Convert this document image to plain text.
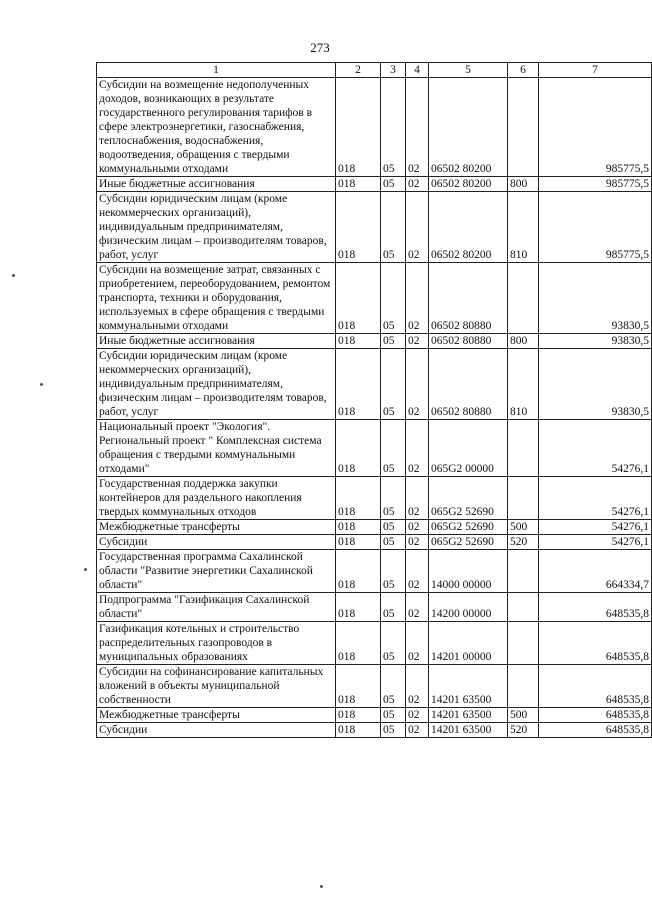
273
1	2	3	4	5	6	7
Субсидии на возмещение недополученных доходов, возникающих в результате государственного регулирования тарифов в сфере электроэнергетики, газоснабжения, теплоснабжения, водоснабжения, водоотведения, обращения с твердыми коммунальными отходами	018	05	02	06502 80200		985775,5
Иные бюджетные ассигнования	018	05	02	06502 80200	800	985775,5
Субсидии юридическим лицам (кроме некоммерческих организаций), индивидуальным предпринимателям, физическим лицам – производителям товаров, работ, услуг	018	05	02	06502 80200	810	985775,5
Субсидии на возмещение затрат, связанных с приобретением, переоборудованием, ремонтом транспорта, техники и оборудования, используемых в сфере обращения с твердыми коммунальными отходами	018	05	02	06502 80880		93830,5
Иные бюджетные ассигнования	018	05	02	06502 80880	800	93830,5
Субсидии юридическим лицам (кроме некоммерческих организаций), индивидуальным предпринимателям, физическим лицам – производителям товаров, работ, услуг	018	05	02	06502 80880	810	93830,5
Национальный проект "Экология". Региональный проект " Комплексная система обращения с твердыми коммунальными отходами"	018	05	02	065G2 00000		54276,1
Государственная поддержка закупки контейнеров для раздельного накопления твердых коммунальных отходов	018	05	02	065G2 52690		54276,1
Межбюджетные трансферты	018	05	02	065G2 52690	500	54276,1
Субсидии	018	05	02	065G2 52690	520	54276,1
Государственная программа Сахалинской области "Развитие энергетики Сахалинской области"	018	05	02	14000 00000		664334,7
Подпрограмма "Газификация Сахалинской области"	018	05	02	14200 00000		648535,8
Газификация котельных и строительство распределительных газопроводов в муниципальных образованиях	018	05	02	14201 00000		648535,8
Субсидии на софинансирование капитальных вложений в объекты муниципальной собственности	018	05	02	14201 63500		648535,8
Межбюджетные трансферты	018	05	02	14201 63500	500	648535,8
Субсидии	018	05	02	14201 63500	520	648535,8
